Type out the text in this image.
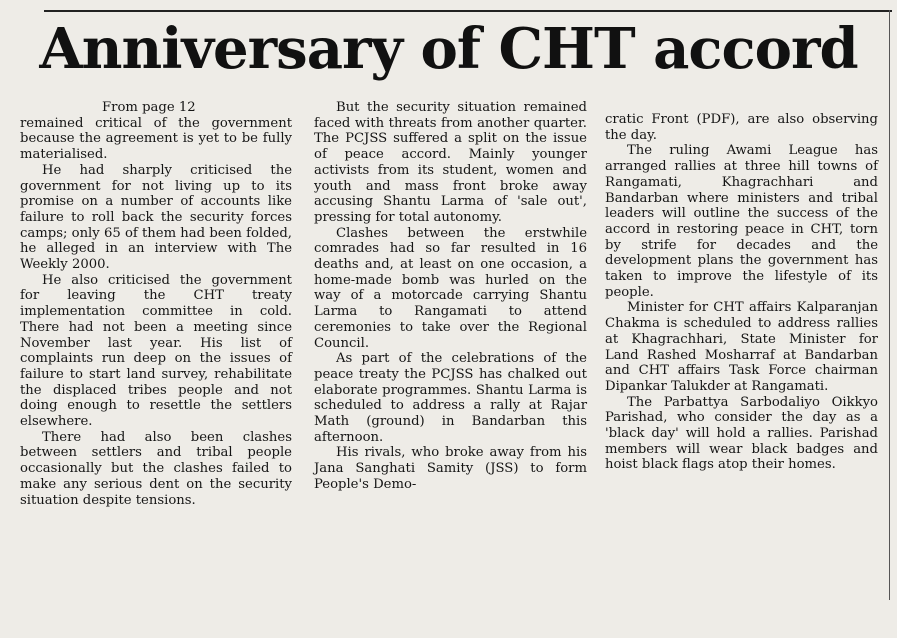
Anniversary of CHT accord
From page 12

remained critical of the government because the agreement is yet to be fully materialised.

He had sharply criticised the government for not living up to its promise on a number of accounts like failure to roll back the security forces camps; only 65 of them had been folded, he alleged in an interview with The Weekly 2000.

He also criticised the government for leaving the CHT treaty implementation committee in cold. There had not been a meeting since November last year. His list of complaints run deep on the issues of failure to start land survey, rehabilitate the displaced tribes people and not doing enough to resettle the settlers elsewhere.

There had also been clashes between settlers and tribal people occasionally but the clashes failed to make any serious dent on the security situation despite tensions.

But the security situation remained faced with threats from another quarter. The PCJSS suffered a split on the issue of peace accord. Mainly younger activists from its student, women and youth and mass front broke away accusing Shantu Larma of 'sale out', pressing for total autonomy.

Clashes between the erstwhile comrades had so far resulted in 16 deaths and, at least on one occasion, a home-made bomb was hurled on the way of a motorcade carrying Shantu Larma to Rangamati to attend ceremonies to take over the Regional Council.

As part of the celebrations of the peace treaty the PCJSS has chalked out elaborate programmes. Shantu Larma is scheduled to address a rally at Rajar Math (ground) in Bandarban this afternoon.

His rivals, who broke away from his Jana Sanghati Samity (JSS) to form People's Demo-

cratic Front (PDF), are also observing the day.

The ruling Awami League has arranged rallies at three hill towns of Rangamati, Khagrachhari and Bandarban where ministers and tribal leaders will outline the success of the accord in restoring peace in CHT, torn by strife for decades and the development plans the government has taken to improve the lifestyle of its people.

Minister for CHT affairs Kalparanjan Chakma is scheduled to address rallies at Khagrachhari, State Minister for Land Rashed Mosharraf at Bandarban and CHT affairs Task Force chairman Dipankar Talukder at Rangamati.

The Parbattya Sarbodaliyo Oikkyo Parishad, who consider the day as a 'black day' will hold a rallies. Parishad members will wear black badges and hoist black flags atop their homes.
